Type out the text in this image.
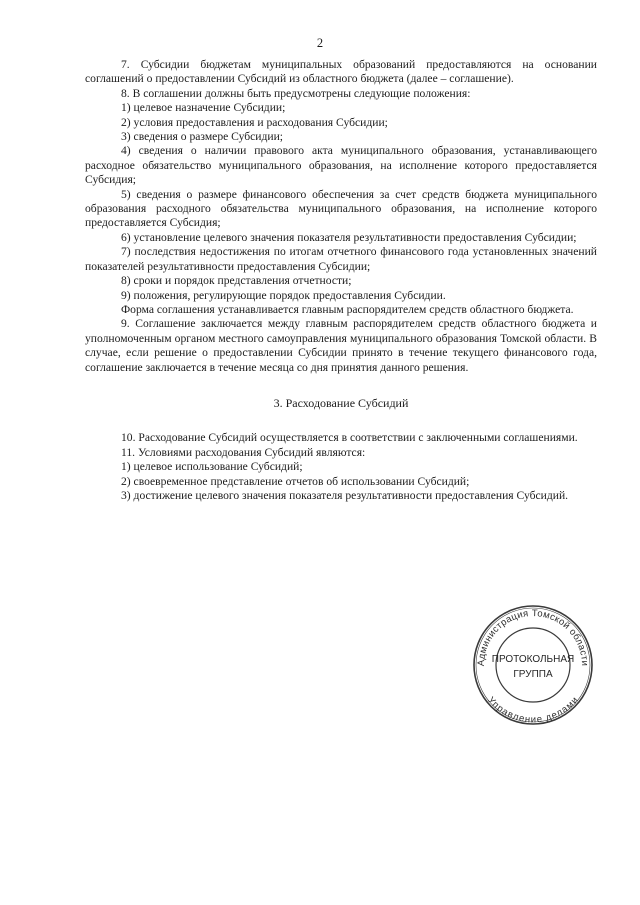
2

7. Субсидии бюджетам муниципальных образований предоставляются на основании соглашений о предоставлении Субсидий из областного бюджета (далее – соглашение).

8. В соглашении должны быть предусмотрены следующие положения:

1) целевое назначение Субсидии;

2) условия предоставления и расходования Субсидии;

3) сведения о размере Субсидии;

4) сведения о наличии правового акта муниципального образования, устанавливающего расходное обязательство муниципального образования, на исполнение которого предоставляется Субсидия;

5) сведения о размере финансового обеспечения за счет средств бюджета муниципального образования расходного обязательства муниципального образования, на исполнение которого предоставляется Субсидия;

6) установление целевого значения показателя результативности предоставления Субсидии;

7) последствия недостижения по итогам отчетного финансового года установленных значений показателей результативности предоставления Субсидии;

8) сроки и порядок представления отчетности;

9) положения, регулирующие порядок предоставления Субсидии.

Форма соглашения устанавливается главным распорядителем средств областного бюджета.

9. Соглашение заключается между главным распорядителем средств областного бюджета и уполномоченным органом местного самоуправления муниципального образования Томской области. В случае, если решение о предоставлении Субсидии принято в течение текущего финансового года, соглашение заключается в течение месяца со дня принятия данного решения.

3. Расходование Субсидий

10. Расходование Субсидий осуществляется в соответствии с заключенными соглашениями.

11. Условиями расходования Субсидий являются:

1) целевое использование Субсидий;

2) своевременное представление отчетов об использовании Субсидий;

3) достижение целевого значения показателя результативности предоставления Субсидий.

Администрация Томской области
Управление делами
ПРОТОКОЛЬНАЯ
ГРУППА
